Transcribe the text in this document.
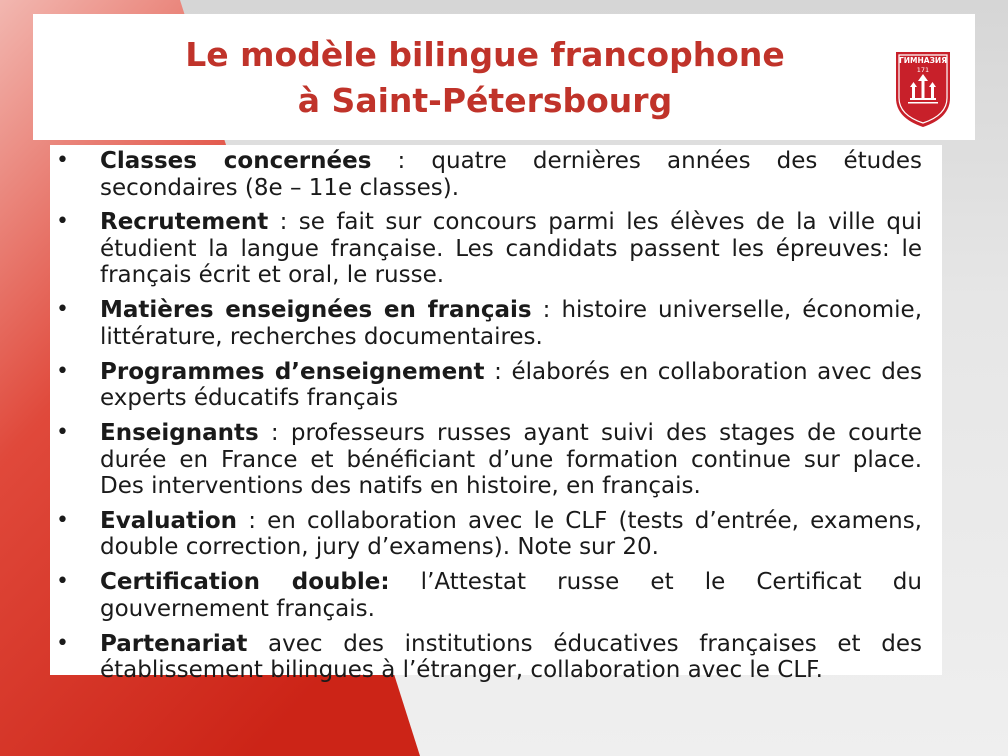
Le modèle bilingue francophone
à Saint-Pétersbourg
ГИМНАЗИЯ
171
• Classes concernées : quatre dernières années des études secondaires (8e – 11e classes).
• Recrutement : se fait sur concours parmi les élèves de la ville qui étudient la langue française. Les candidats passent les épreuves: le français écrit et oral, le russe.
• Matières enseignées en français : histoire universelle, économie, littérature, recherches documentaires.
• Programmes d’enseignement : élaborés en collaboration avec des experts éducatifs français
• Enseignants : professeurs russes ayant suivi des stages de courte durée en France et bénéficiant d’une formation continue sur place. Des interventions des natifs en histoire, en français.
• Evaluation : en collaboration avec le CLF (tests d’entrée, examens, double correction, jury d’examens). Note sur 20.
• Certification double: l’Attestat russe et le Certificat du gouvernement français.
• Partenariat avec des institutions éducatives françaises et des établissement bilingues à l’étranger, collaboration avec le CLF.
